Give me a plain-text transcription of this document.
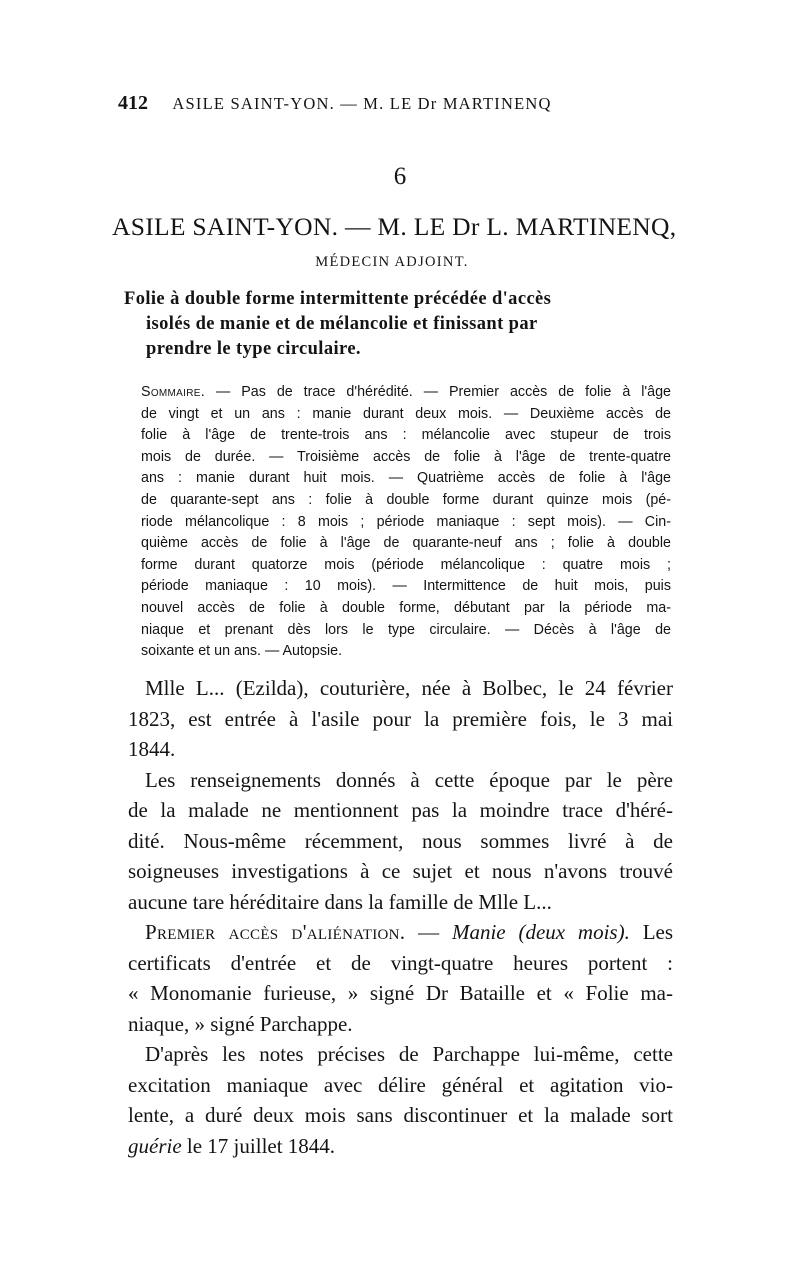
412 ASILE SAINT-YON. — M. LE Dr MARTINENQ
6
ASILE SAINT-YON. — M. LE Dr L. MARTINENQ,
MÉDECIN ADJOINT.
Folie à double forme intermittente précédée d'accès
isolés de manie et de mélancolie et finissant par
prendre le type circulaire.
Sommaire. — Pas de trace d'hérédité. — Premier accès de folie à l'âge
de vingt et un ans : manie durant deux mois. — Deuxième accès de
folie à l'âge de trente-trois ans : mélancolie avec stupeur de trois
mois de durée. — Troisième accès de folie à l'âge de trente-quatre
ans : manie durant huit mois. — Quatrième accès de folie à l'âge
de quarante-sept ans : folie à double forme durant quinze mois (pé-
riode mélancolique : 8 mois ; période maniaque : sept mois). — Cin-
quième accès de folie à l'âge de quarante-neuf ans ; folie à double
forme durant quatorze mois (période mélancolique : quatre mois ;
période maniaque : 10 mois). — Intermittence de huit mois, puis
nouvel accès de folie à double forme, débutant par la période ma-
niaque et prenant dès lors le type circulaire. — Décès à l'âge de
soixante et un ans. — Autopsie.
Mlle L... (Ezilda), couturière, née à Bolbec, le 24 février
1823, est entrée à l'asile pour la première fois, le 3 mai
1844.
Les renseignements donnés à cette époque par le père
de la malade ne mentionnent pas la moindre trace d'héré-
dité. Nous-même récemment, nous sommes livré à de
soigneuses investigations à ce sujet et nous n'avons trouvé
aucune tare héréditaire dans la famille de Mlle L...
Premier accès d'aliénation. — Manie (deux mois). Les
certificats d'entrée et de vingt-quatre heures portent :
« Monomanie furieuse, » signé Dr Bataille et « Folie ma-
niaque, » signé Parchappe.
D'après les notes précises de Parchappe lui-même, cette
excitation maniaque avec délire général et agitation vio-
lente, a duré deux mois sans discontinuer et la malade sort
guérie le 17 juillet 1844.
